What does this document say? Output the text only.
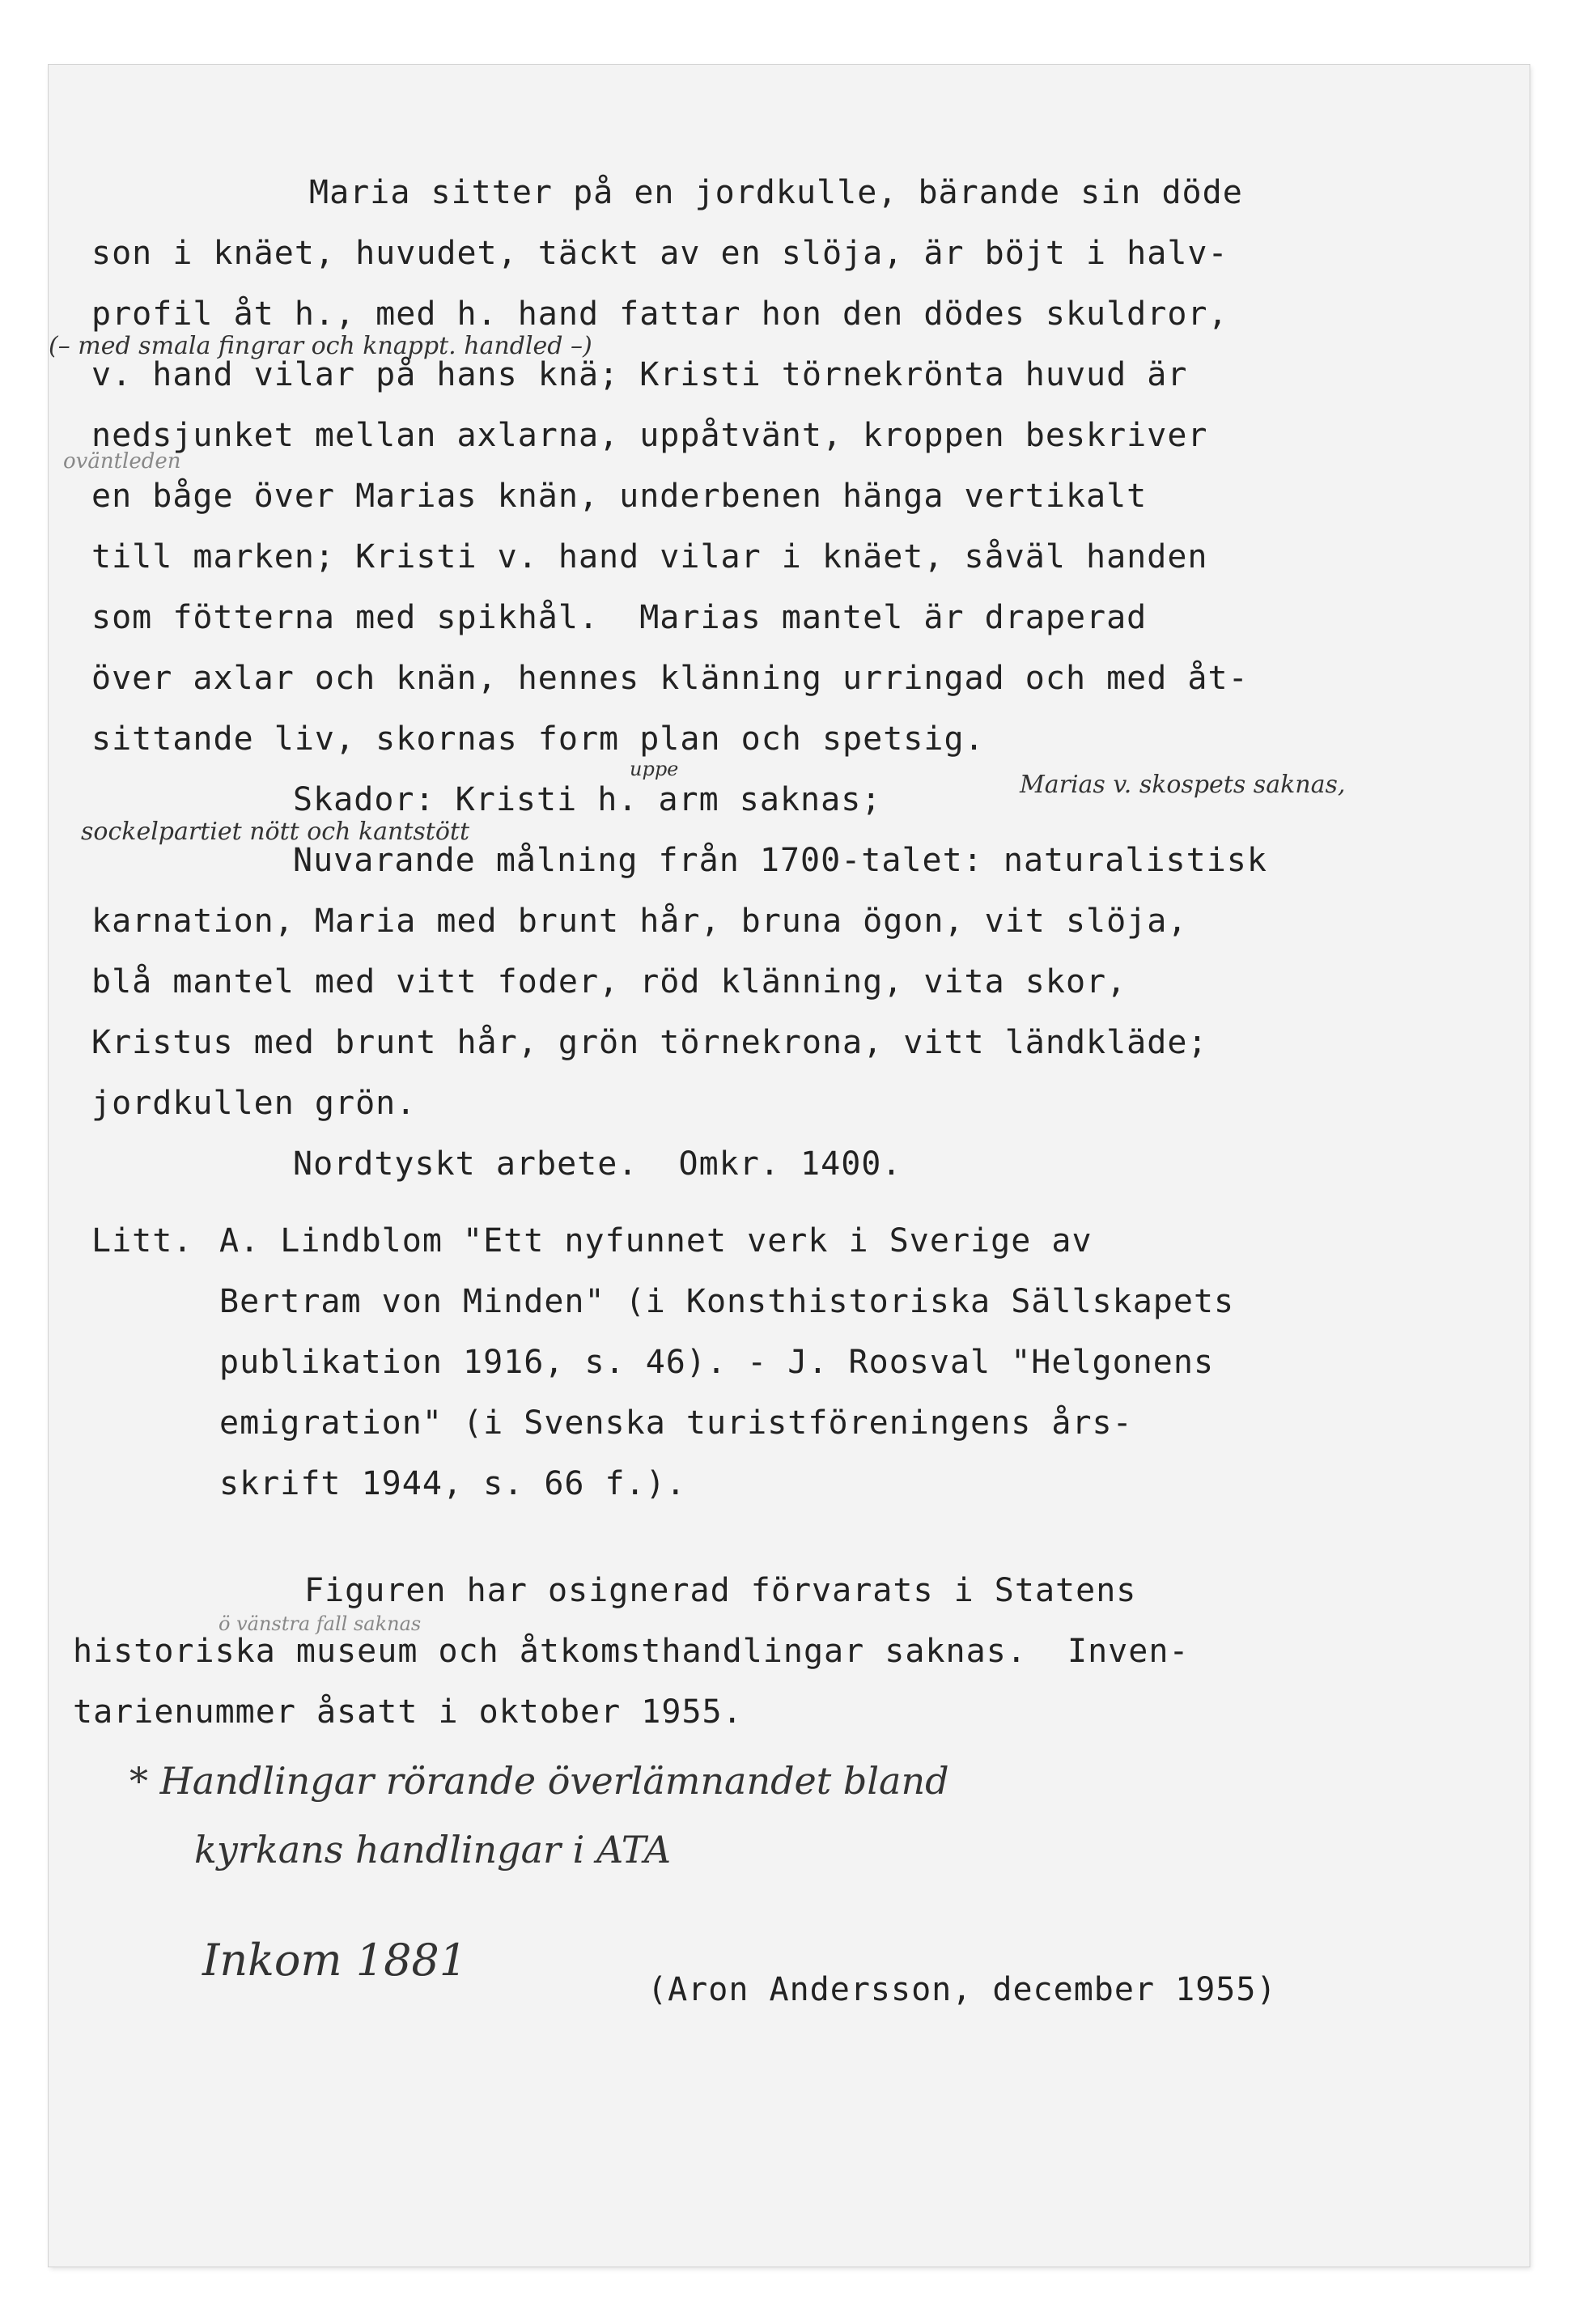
Maria sitter på en jordkulle, bärande sin döde
son i knäet, huvudet, täckt av en slöja, är böjt i halv-
profil åt h., med h. hand fattar hon den dödes skuldror,
v. hand vilar på hans knä; Kristi törnekrönta huvud är
nedsjunket mellan axlarna, uppåtvänt, kroppen beskriver
en båge över Marias knän, underbenen hänga vertikalt
till marken; Kristi v. hand vilar i knäet, såväl handen
som fötterna med spikhål.  Marias mantel är draperad
över axlar och knän, hennes klänning urringad och med åt-
sittande liv, skornas form plan och spetsig.
Skador: Kristi h. arm saknas;
Nuvarande målning från 1700-talet: naturalistisk
karnation, Maria med brunt hår, bruna ögon, vit slöja,
blå mantel med vitt foder, röd klänning, vita skor,
Kristus med brunt hår, grön törnekrona, vitt ländkläde;
jordkullen grön.
Nordtyskt arbete.  Omkr. 1400.
Litt. A. Lindblom "Ett nyfunnet verk i Sverige av
Bertram von Minden" (i Konsthistoriska Sällskapets
publikation 1916, s. 46). - J. Roosval "Helgonens
emigration" (i Svenska turistföreningens års-
skrift 1944, s. 66 f.).
Figuren har osignerad förvarats i Statens
historiska museum och åtkomsthandlingar saknas.  Inven-
tarienummer åsatt i oktober 1955.
(Aron Andersson, december 1955)
(– med smala fingrar och knappt. handled –)
oväntleden
uppe
Marias v. skospets saknas,
sockelpartiet nött och kantstött
ö vänstra fall saknas
* Handlingar rörande överlämnandet bland
kyrkans handlingar i ATA
Inkom 1881
